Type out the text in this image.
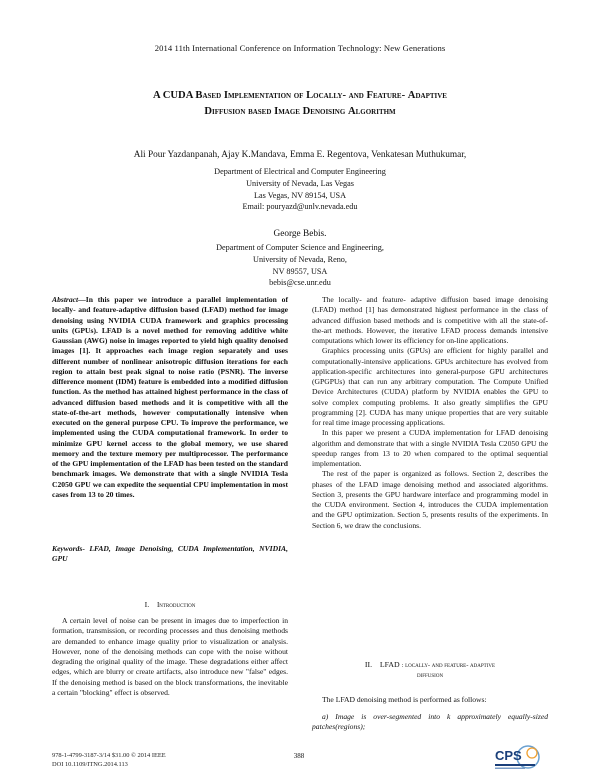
2014 11th International Conference on Information Technology: New Generations
A CUDA Based Implementation of Locally- and Feature- Adaptive
Diffusion based Image Denoising Algorithm
Ali Pour Yazdanpanah, Ajay K.Mandava, Emma E. Regentova, Venkatesan Muthukumar,
Department of Electrical and Computer Engineering
University of Nevada, Las Vegas
Las Vegas, NV 89154, USA
Email: pouryazd@unlv.nevada.edu
George Bebis.
Department of Computer Science and Engineering,
University of Nevada, Reno,
NV 89557, USA
bebis@cse.unr.edu
Abstract—In this paper we introduce a parallel implementation of locally- and feature-adaptive diffusion based (LFAD) method for image denoising using NVIDIA CUDA framework and graphics processing units (GPUs). LFAD is a novel method for removing additive white Gaussian (AWG) noise in images reported to yield high quality denoised images [1]. It approaches each image region separately and uses different number of nonlinear anisotropic diffusion iterations for each region to attain best peak signal to noise ratio (PSNR). The inverse difference moment (IDM) feature is embedded into a modified diffusion function. As the method has attained highest performance in the class of advanced diffusion based methods and it is competitive with all the state-of-the-art methods, however computationally intensive when executed on the general purpose CPU. To improve the performance, we implemented using the CUDA computational framework. In order to minimize GPU kernel access to the global memory, we use shared memory and the texture memory per multiprocessor. The performance of the GPU implementation of the LFAD has been tested on the standard benchmark images. We demonstrate that with a single NVIDIA Tesla C2050 GPU we can expedite the sequential CPU implementation in most cases from 13 to 20 times.
Keywords- LFAD, Image Denoising, CUDA Implementation, NVIDIA, GPU
I. Introduction

A certain level of noise can be present in images due to imperfection in formation, transmission, or recording processes and thus denoising methods are demanded to enhance image quality prior to visualization or analysis. However, none of the denoising methods can cope with the noise without degrading the original quality of the image. These degradations either affect edges, which are blurry or create artifacts, also introduce new "false" edges. If the denoising method is based on the block transformations, the inevitable a certain "blocking" effect is observed.

The locally- and feature- adaptive diffusion based image denoising (LFAD) method [1] has demonstrated highest performance in the class of advanced diffusion based methods and is competitive with all the state-of-the-art methods. However, the iterative LFAD process demands intensive computations which lower its efficiency for on-line applications.

Graphics processing units (GPUs) are efficient for highly parallel and computationally-intensive applications. GPUs architecture has evolved from application-specific architectures into general-purpose GPU architectures (GPGPUs) that can run any arbitrary computation. The Compute Unified Device Architectures (CUDA) platform by NVIDIA enables the GPU to solve complex computing problems. It also greatly simplifies the GPU programming [2]. CUDA has many unique properties that are very suitable for real time image processing applications.

In this paper we present a CUDA implementation for LFAD denoising algorithm and demonstrate that with a single NVIDIA Tesla C2050 GPU the speedup ranges from 13 to 20 when compared to the optimal sequential implementation.

The rest of the paper is organized as follows. Section 2, describes the phases of the LFAD image denoising method and associated algorithms. Section 3, presents the GPU hardware interface and programming model in the CUDA environment. Section 4, introduces the CUDA implementation and the GPU optimization. Section 5, presents results of the experiments. In Section 6, we draw the conclusions.

II. LFAD : locally- and feature- adaptive
diffusion

The LFAD denoising method is performed as follows:

a) Image is over-segmented into k approximately equally-sized patches(regions);

978-1-4799-3187-3/14 $31.00 © 2014 IEEE
DOI 10.1109/ITNG.2014.113
388	CPS
